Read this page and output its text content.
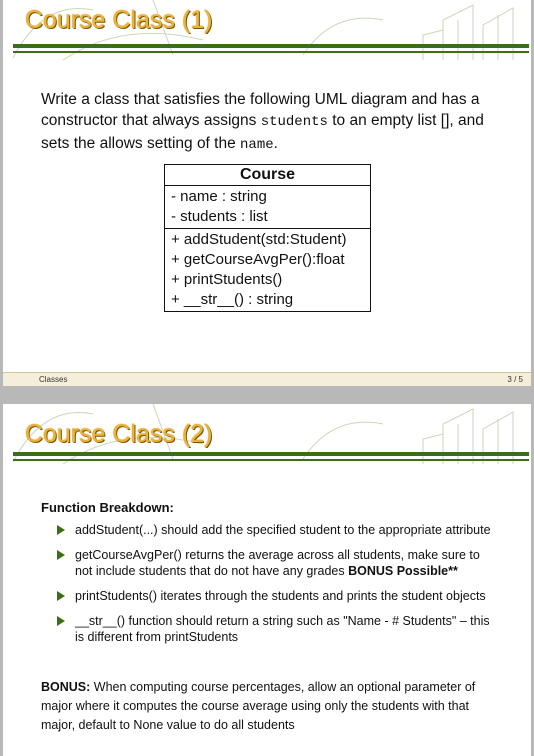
Course Class (1)
Write a class that satisfies the following UML diagram and has a constructor that always assigns students to an empty list [], and sets the allows setting of the name.
Course
- name : string
- students : list
+ addStudent(std:Student)
+ getCourseAvgPer():float
+ printStudents()
+ __str__() : string
Classes	3 / 5
Course Class (2)
Function Breakdown:
addStudent(...) should add the specified student to the appropriate attribute
getCourseAvgPer() returns the average across all students, make sure to not include students that do not have any grades BONUS Possible**
printStudents() iterates through the students and prints the student objects
__str__() function should return a string such as "Name - # Students" – this is different from printStudents
BONUS: When computing course percentages, allow an optional parameter of major where it computes the course average using only the students with that major, default to None value to do all students
